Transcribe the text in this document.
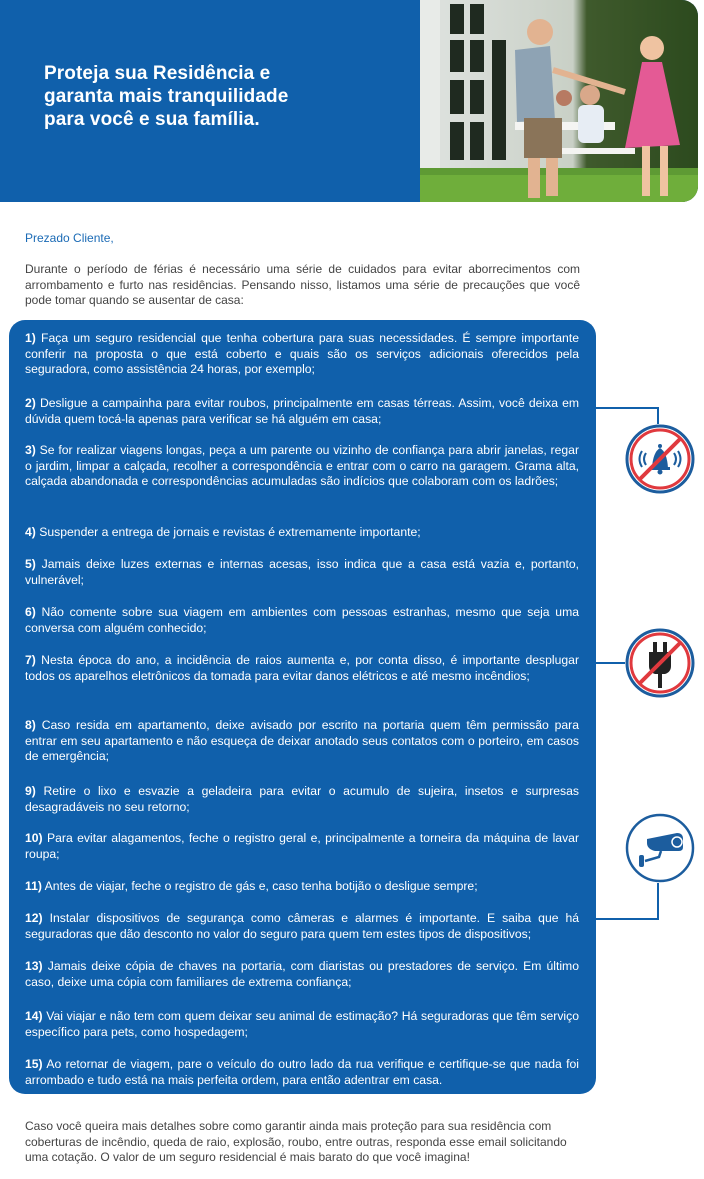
Proteja sua Residência e
garanta mais tranquilidade
para você e sua família.
Prezado Cliente,
Durante o período de férias é necessário uma série de cuidados para evitar aborrecimentos com arrombamento e furto nas residências. Pensando nisso, listamos uma série de precauções que você pode tomar quando se ausentar de casa:
1) Faça um seguro residencial que tenha cobertura para suas necessidades. É sempre importante conferir na proposta o que está coberto e quais são os serviços adicionais oferecidos pela seguradora, como assistência 24 horas, por exemplo;
2) Desligue a campainha para evitar roubos, principalmente em casas térreas. Assim, você deixa em dúvida quem tocá-la apenas para verificar se há alguém em casa;
3) Se for realizar viagens longas, peça a um parente ou vizinho de confiança para abrir janelas, regar o jardim, limpar a calçada, recolher a correspondência e entrar com o carro na garagem. Grama alta, calçada abandonada e correspondências acumuladas são indícios que colaboram com os ladrões;
4) Suspender a entrega de jornais e revistas é extremamente importante;
5) Jamais deixe luzes externas e internas acesas, isso indica que a casa está vazia e, portanto, vulnerável;
6) Não comente sobre sua viagem em ambientes com pessoas estranhas, mesmo que seja uma conversa com alguém conhecido;
7) Nesta época do ano, a incidência de raios aumenta e, por conta disso, é importante desplugar todos os aparelhos eletrônicos da tomada para evitar danos elétricos e até mesmo incêndios;
8) Caso resida em apartamento, deixe avisado por escrito na portaria quem têm permissão para entrar em seu apartamento e não esqueça de deixar anotado seus contatos com o porteiro, em casos de emergência;
9) Retire o lixo e esvazie a geladeira para evitar o acumulo de sujeira, insetos e surpresas desagradáveis no seu retorno;
10) Para evitar alagamentos, feche o registro geral e, principalmente a torneira da máquina de lavar roupa;
11) Antes de viajar, feche o registro de gás e, caso tenha botijão o desligue sempre;
12) Instalar dispositivos de segurança como câmeras e alarmes é importante. E saiba que há seguradoras que dão desconto no valor do seguro para quem tem estes tipos de dispositivos;
13) Jamais deixe cópia de chaves na portaria, com diaristas ou prestadores de serviço. Em último caso, deixe uma cópia com familiares de extrema confiança;
14) Vai viajar e não tem com quem deixar seu animal de estimação? Há seguradoras que têm serviço específico para pets, como hospedagem;
15) Ao retornar de viagem, pare o veículo do outro lado da rua verifique e certifique-se que nada foi arrombado e tudo está na mais perfeita ordem, para então adentrar em casa.
Caso você queira mais detalhes sobre como garantir ainda mais proteção para sua residência com coberturas de incêndio, queda de raio, explosão, roubo, entre outras, responda esse email solicitando uma cotação. O valor de um seguro residencial é mais barato do que você imagina!
